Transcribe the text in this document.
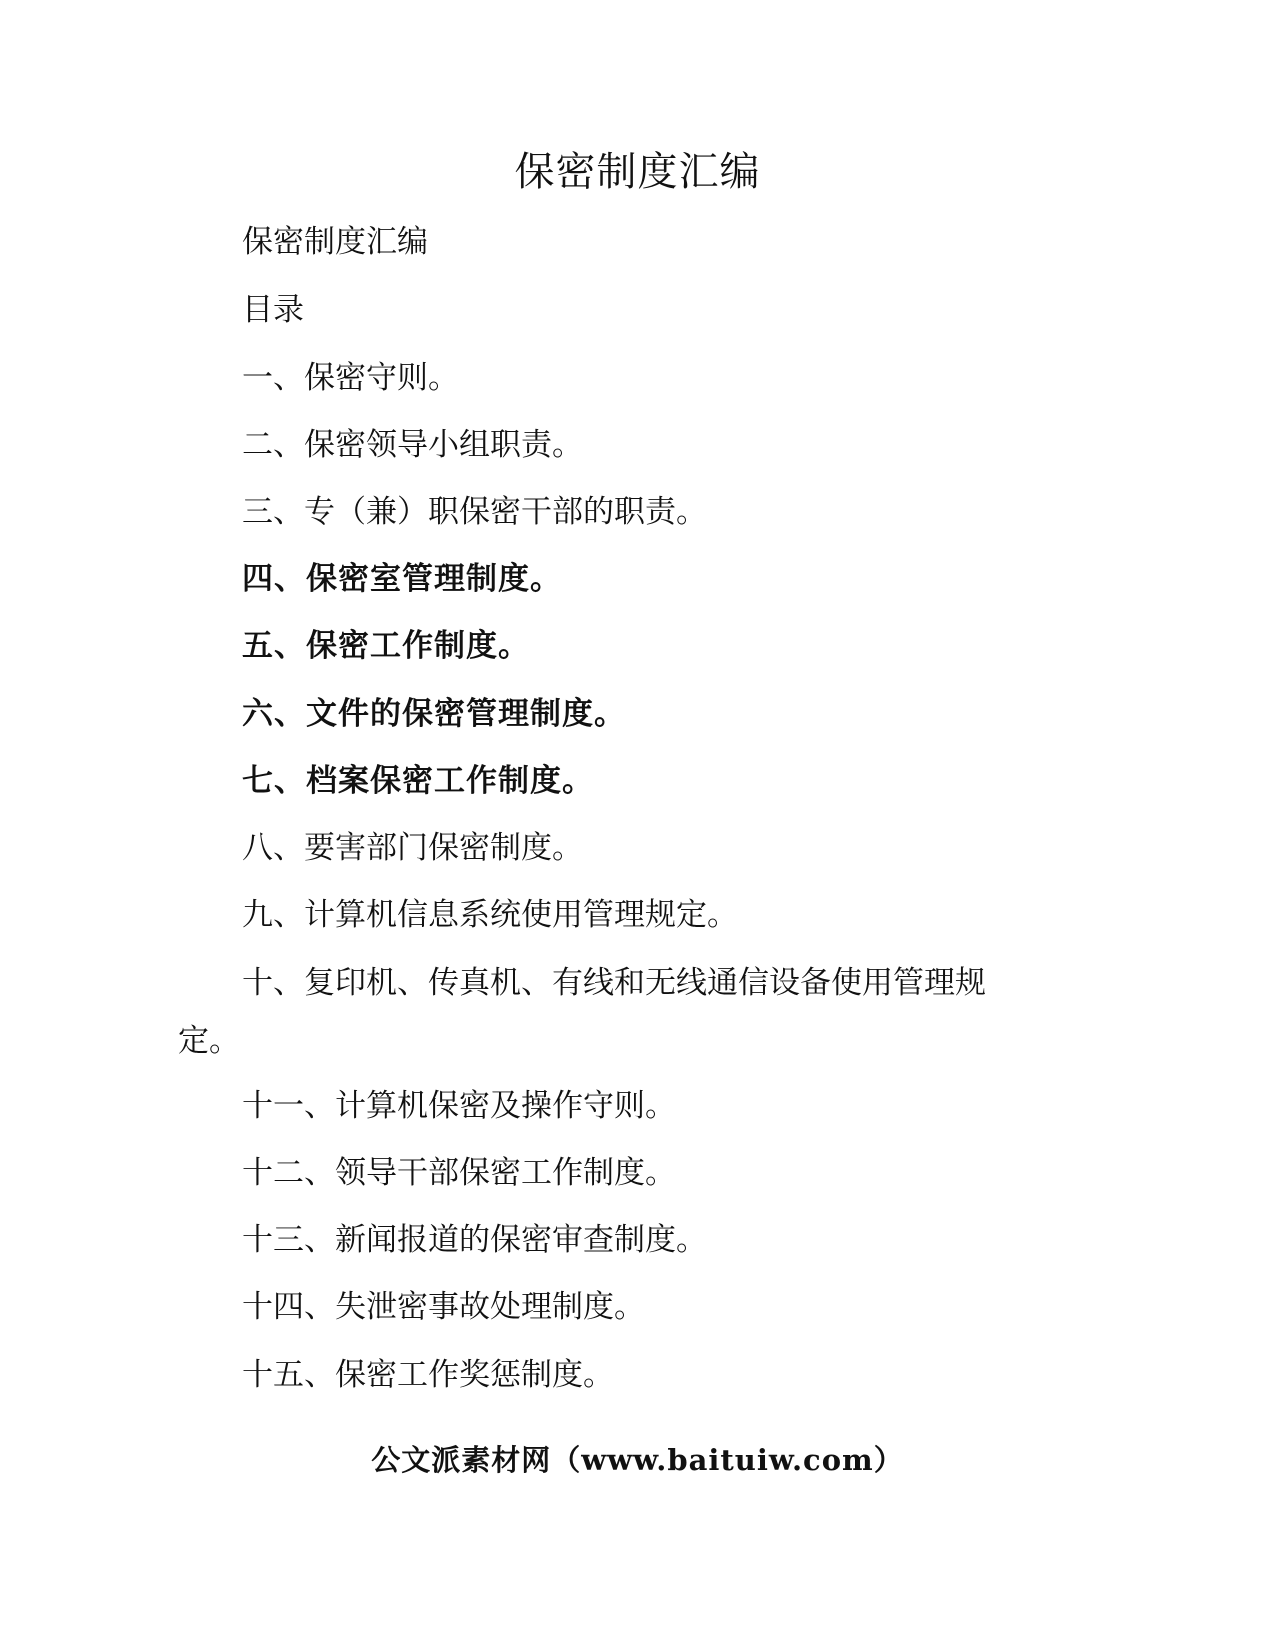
保密制度汇编
保密制度汇编
目录
一、保密守则。
二、保密领导小组职责。
三、专（兼）职保密干部的职责。
四、保密室管理制度。
五、保密工作制度。
六、文件的保密管理制度。
七、档案保密工作制度。
八、要害部门保密制度。
九、计算机信息系统使用管理规定。
十、复印机、传真机、有线和无线通信设备使用管理规
定。
十一、计算机保密及操作守则。
十二、领导干部保密工作制度。
十三、新闻报道的保密审查制度。
十四、失泄密事故处理制度。
十五、保密工作奖惩制度。
公文派素材网（www.baituiw.com）
